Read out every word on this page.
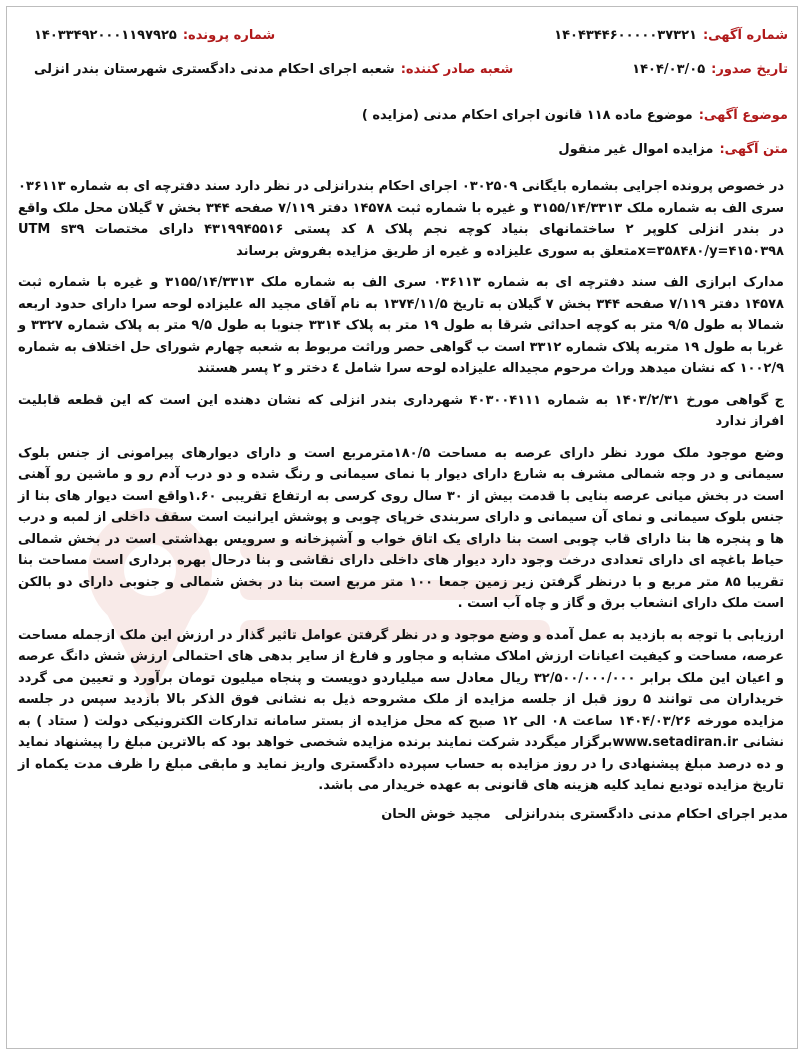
شماره آگهی:
۱۴۰۴۳۴۴۶۰۰۰۰۰۳۷۳۲۱
شماره پرونده:
۱۴۰۳۳۴۹۲۰۰۰۱۱۹۷۹۲۵
تاریخ صدور:
۱۴۰۴/۰۳/۰۵
شعبه صادر کننده:
شعبه اجرای احکام مدنی دادگستری شهرستان بندر انزلی
موضوع آگهی:
موضوع ماده ۱۱۸ قانون اجرای احکام مدنی (مزایده )
متن آگهی:
مزایده اموال غیر منقول

در خصوص پرونده اجرایی بشماره بایگانی ۰۳۰۲۵۰۹ اجرای احکام بندرانزلی در نظر دارد سند دفترچه ای به شماره ۰۳۶۱۱۳ سری الف به شماره ملک ۳۱۵۵/۱۴/۳۳۱۳ و غیره با شماره ثبت ۱۴۵۷۸ دفتر ۷/۱۱۹ صفحه ۳۴۴ بخش ۷ گیلان محل ملک واقع در بندر انزلی کلوپر ۲ ساختمانهای بنیاد کوچه نجم پلاک ۸ کد پستی ۴۳۱۹۹۴۵۵۱۶ دارای مختصات UTM s۳۹ x=۳۵۸۴۸۰/y=۴۱۵۰۳۹۸متعلق به سوری علیزاده و غیره از طریق مزایده بفروش برساند

مدارک ابرازی الف سند دفترچه ای به شماره ۰۳۶۱۱۳ سری الف به شماره ملک ۳۱۵۵/۱۴/۳۳۱۳ و غیره با شماره ثبت ۱۴۵۷۸ دفتر ۷/۱۱۹ صفحه ۳۴۴ بخش ۷ گیلان به تاریخ ۱۳۷۴/۱۱/۵ به نام آقای مجید اله علیزاده لوحه سرا دارای حدود اربعه شمالا به طول ۹/۵ متر به کوچه احداثی شرقا به طول ۱۹ متر به پلاک ۳۳۱۴ جنوبا به طول ۹/۵ متر به پلاک شماره ۳۳۲۷ و غربا به طول ۱۹ متربه پلاک شماره ۳۳۱۲ است ب گواهی حصر وراثت مربوط به شعبه چهارم شورای حل اختلاف به شماره ۱۰۰۲/۹ که نشان میدهد وراث مرحوم مجیداله علیزاده لوحه سرا شامل ٤ دختر و ۲ پسر هستند

ج گواهی مورخ ۱۴۰۳/۲/۳۱ به شماره ۴۰۳۰۰۴۱۱۱ شهرداری بندر انزلی که نشان دهنده این است که این قطعه قابلیت افراز ندارد

وضع موجود ملک مورد نظر دارای عرصه به مساحت ۱۸۰/۵مترمربع است و دارای دیوارهای پیرامونی از جنس بلوک سیمانی و در وجه شمالی مشرف به شارع دارای دیوار با نمای سیمانی و رنگ شده و دو درب آدم رو و ماشین رو آهنی است در بخش میانی عرصه بنایی با قدمت بیش از ۳۰ سال روی کرسی به ارتفاع تقریبی ۱.۶۰واقع است دیوار های بنا از جنس بلوک سیمانی و نمای آن سیمانی و دارای سربندی خرپای چوبی و پوشش ایرانیت است سقف داخلی از لمبه و درب ها و پنجره ها بنا دارای قاب چوبی است بنا دارای یک اتاق خواب و آشپزخانه و سرویس بهداشتی است در بخش شمالی حیاط باغچه ای دارای تعدادی درخت وجود دارد دیوار های داخلی دارای نقاشی و بنا درحال بهره برداری است مساحت بنا تقریبا ۸۵ متر مربع و با درنظر گرفتن زیر زمین جمعا ۱۰۰ متر مربع است بنا در بخش شمالی و جنوبی دارای دو بالکن است ملک دارای انشعاب برق و گاز و چاه آب است .

ارزیابی با توجه به بازدید به عمل آمده و وضع موجود و در نظر گرفتن عوامل تاثیر گذار در ارزش این ملک ازجمله مساحت عرصه، مساحت و کیفیت اعیانات ارزش املاک مشابه و مجاور و فارغ از سایر بدهی های احتمالی ارزش شش دانگ عرصه و اعیان این ملک برابر ۳۲/۵۰۰/۰۰۰/۰۰۰ ریال معادل سه میلیاردو دویست و پنجاه میلیون تومان برآورد و تعیین می گردد خریداران می توانند ۵ روز قبل از جلسه مزایده از ملک مشروحه ذیل به نشانی فوق الذکر بالا بازدید سپس در جلسه مزایده مورخه ۱۴۰۴/۰۳/۲۶ ساعت ۰۸ الی ۱۲ صبح که محل مزایده از بستر سامانه تدارکات الکترونیکی دولت ( ستاد ) به نشانی www.setadiran.irبرگزار میگردد شرکت نمایند برنده مزایده شخصی خواهد بود که بالاترین مبلغ را پیشنهاد نماید و ده درصد مبلغ پیشنهادی را در روز مزایده به حساب سپرده دادگستری واریز نماید و مابقی مبلغ را ظرف مدت یکماه از تاریخ مزایده توديع نماید کلیه هزینه های قانونی به عهده خریدار می باشد.

مدیر اجرای احکام مدنی دادگستری بندرانزلی
مجید خوش الحان
